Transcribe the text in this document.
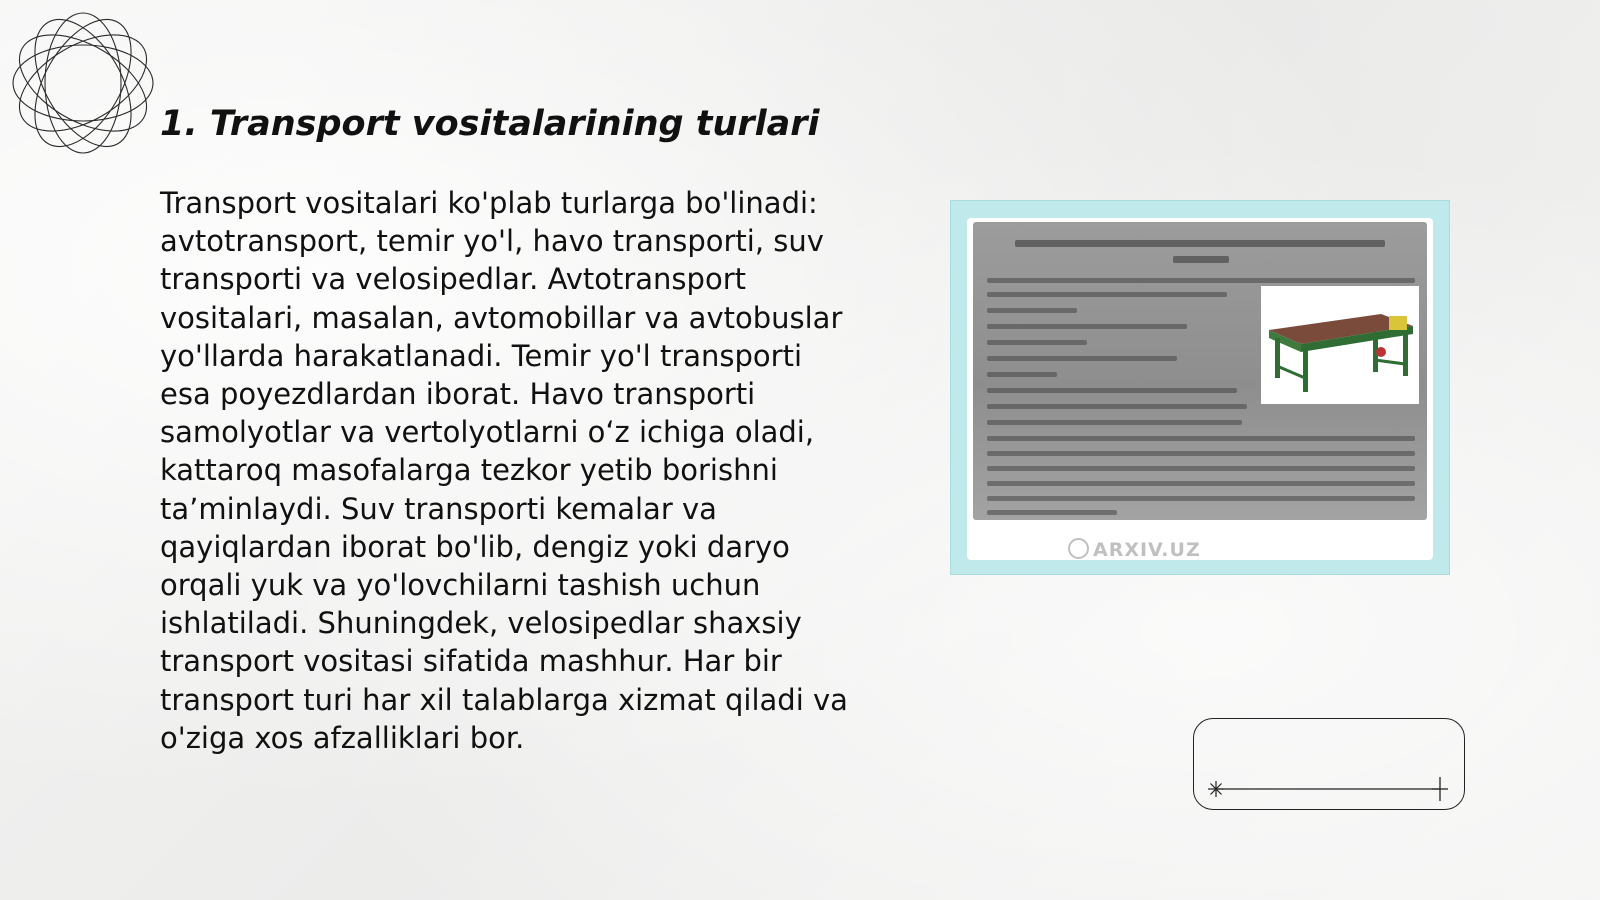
1. Transport vositalarining turlari

Transport vositalari ko'plab turlarga bo'linadi: avtotransport, temir yo'l, havo transporti, suv transporti va velosipedlar. Avtotransport vositalari, masalan, avtomobillar va avtobuslar yo'llarda harakatlanadi. Temir yo'l transporti esa poyezdlardan iborat. Havo transporti samolyotlar va vertolyotlarni o‘z ichiga oladi, kattaroq masofalarga tezkor yetib borishni ta’minlaydi. Suv transporti kemalar va qayiqlardan iborat bo'lib, dengiz yoki daryo orqali yuk va yo'lovchilarni tashish uchun ishlatiladi. Shuningdek, velosipedlar shaxsiy transport vositasi sifatida mashhur. Har bir transport turi har xil talablarga xizmat qiladi va o'ziga xos afzalliklari bor.

ARXIV.UZ
